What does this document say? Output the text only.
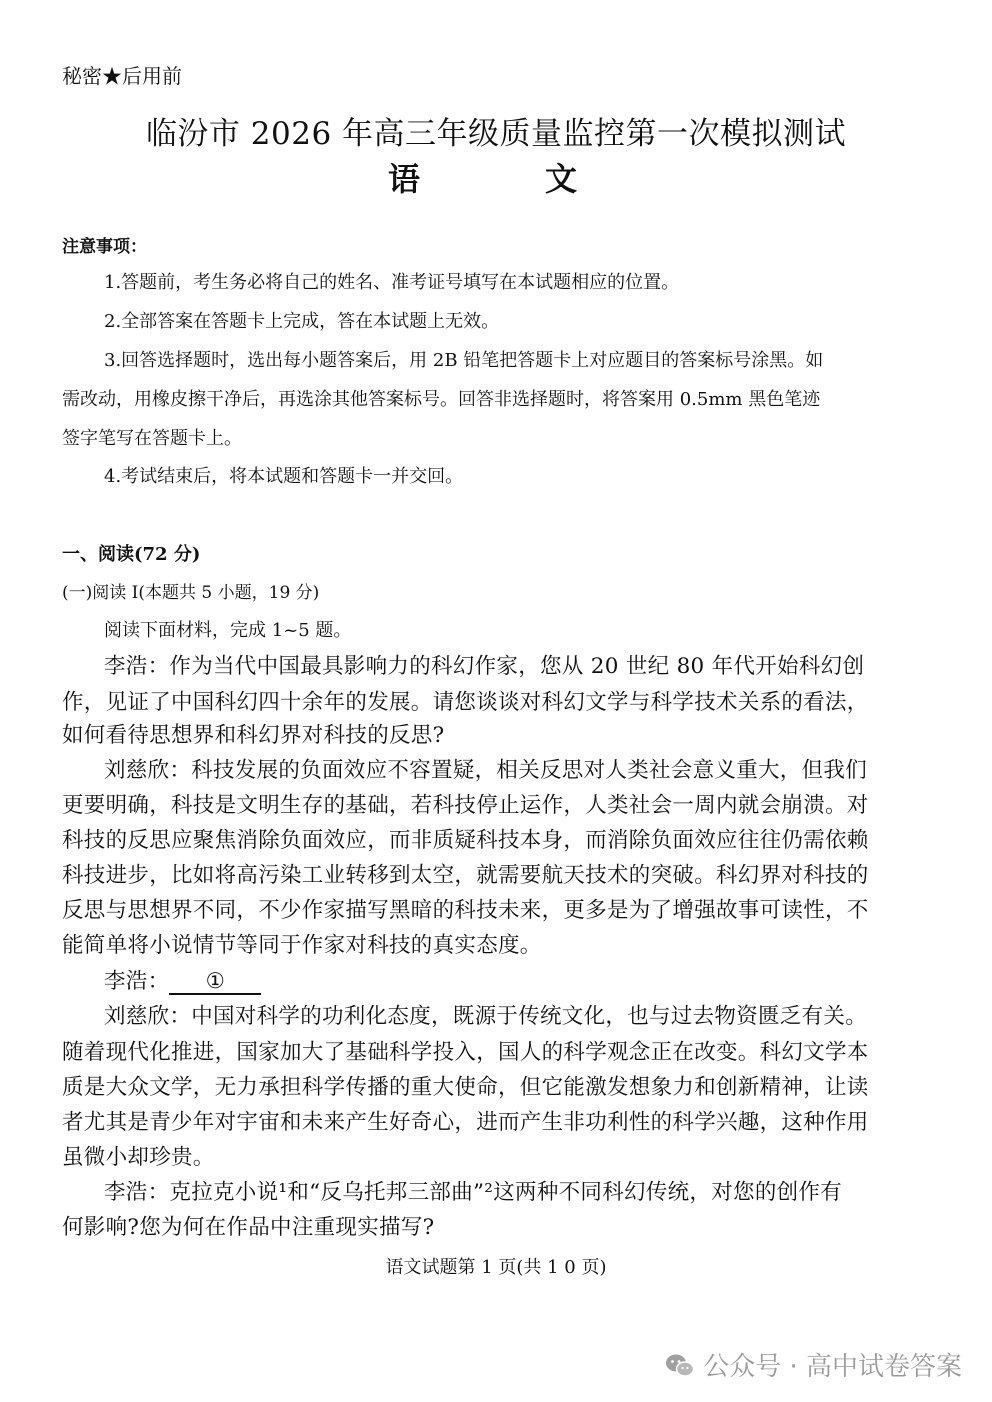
秘密★后用前
临汾市 2026 年高三年级质量监控第一次模拟测试
语	文
注意事项：
1.答题前，考生务必将自己的姓名、准考证号填写在本试题相应的位置。
2.全部答案在答题卡上完成，答在本试题上无效。
3.回答选择题时，选出每小题答案后，用 2B 铅笔把答题卡上对应题目的答案标号涂黑。如
需改动，用橡皮擦干净后，再选涂其他答案标号。回答非选择题时，将答案用 0.5mm 黑色笔迹
签字笔写在答题卡上。
4.考试结束后，将本试题和答题卡一并交回。
一、阅读(72 分)
(一)阅读 I(本题共 5 小题，19 分)
阅读下面材料，完成 1~5 题。
李浩：作为当代中国最具影响力的科幻作家，您从 20 世纪 80 年代开始科幻创
作，见证了中国科幻四十余年的发展。请您谈谈对科幻文学与科学技术关系的看法，
如何看待思想界和科幻界对科技的反思?
刘慈欣：科技发展的负面效应不容置疑，相关反思对人类社会意义重大，但我们
更要明确，科技是文明生存的基础，若科技停止运作，人类社会一周内就会崩溃。对
科技的反思应聚焦消除负面效应，而非质疑科技本身，而消除负面效应往往仍需依赖
科技进步，比如将高污染工业转移到太空，就需要航天技术的突破。科幻界对科技的
反思与思想界不同，不少作家描写黑暗的科技未来，更多是为了增强故事可读性，不
能简单将小说情节等同于作家对科技的真实态度。
李浩： ①
刘慈欣：中国对科学的功利化态度，既源于传统文化，也与过去物资匮乏有关。
随着现代化推进，国家加大了基础科学投入，国人的科学观念正在改变。科幻文学本
质是大众文学，无力承担科学传播的重大使命，但它能激发想象力和创新精神，让读
者尤其是青少年对宇宙和未来产生好奇心，进而产生非功利性的科学兴趣，这种作用
虽微小却珍贵。
李浩：克拉克小说¹和“反乌托邦三部曲”²这两种不同科幻传统，对您的创作有
何影响?您为何在作品中注重现实描写?
语文试题第 1 页(共 1 0 页)
公众号 · 高中试卷答案
